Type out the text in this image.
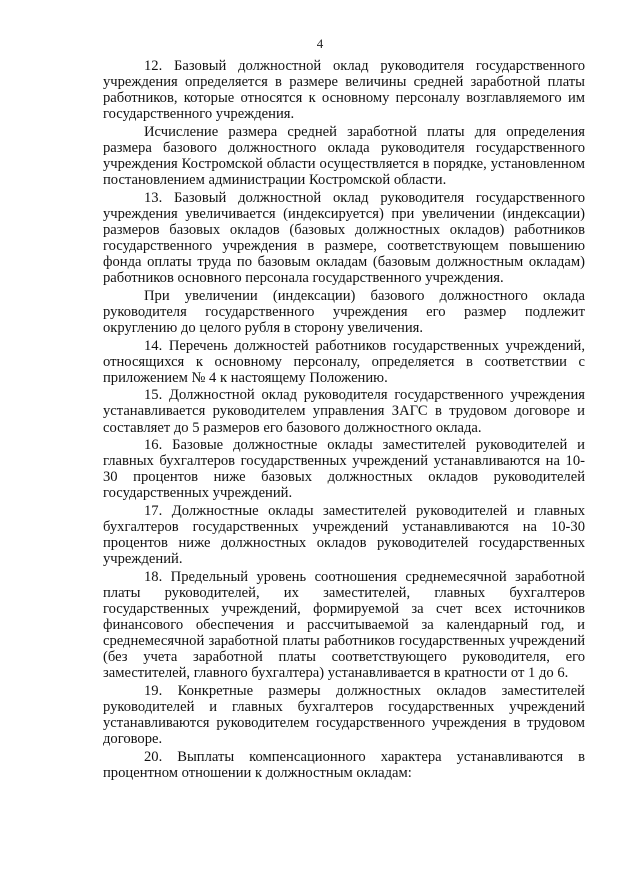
4

12. Базовый должностной оклад руководителя государственного учреждения определяется в размере величины средней заработной платы работников, которые относятся к основному персоналу возглавляемого им государственного учреждения.

Исчисление размера средней заработной платы для определения размера базового должностного оклада руководителя государственного учреждения Костромской области осуществляется в порядке, установленном постановлением администрации Костромской области.

13. Базовый должностной оклад руководителя государственного учреждения увеличивается (индексируется) при увеличении (индексации) размеров базовых окладов (базовых должностных окладов) работников государственного учреждения в размере, соответствующем повышению фонда оплаты труда по базовым окладам (базовым должностным окладам) работников основного персонала государственного учреждения.

При увеличении (индексации) базового должностного оклада руководителя государственного учреждения его размер подлежит округлению до целого рубля в сторону увеличения.

14. Перечень должностей работников государственных учреждений, относящихся к основному персоналу, определяется в соответствии с приложением № 4 к настоящему Положению.

15. Должностной оклад руководителя государственного учреждения устанавливается руководителем управления ЗАГС в трудовом договоре и составляет до 5 размеров его базового должностного оклада.

16. Базовые должностные оклады заместителей руководителей и главных бухгалтеров государственных учреждений устанавливаются на 10-30 процентов ниже базовых должностных окладов руководителей государственных учреждений.

17. Должностные оклады заместителей руководителей и главных бухгалтеров государственных учреждений устанавливаются на 10-30 процентов ниже должностных окладов руководителей государственных учреждений.

18. Предельный уровень соотношения среднемесячной заработной платы руководителей, их заместителей, главных бухгалтеров государственных учреждений, формируемой за счет всех источников финансового обеспечения и рассчитываемой за календарный год, и среднемесячной заработной платы работников государственных учреждений (без учета заработной платы соответствующего руководителя, его заместителей, главного бухгалтера) устанавливается в кратности от 1 до 6.

19. Конкретные размеры должностных окладов заместителей руководителей и главных бухгалтеров государственных учреждений устанавливаются руководителем государственного учреждения в трудовом договоре.

20. Выплаты компенсационного характера устанавливаются в процентном отношении к должностным окладам:
